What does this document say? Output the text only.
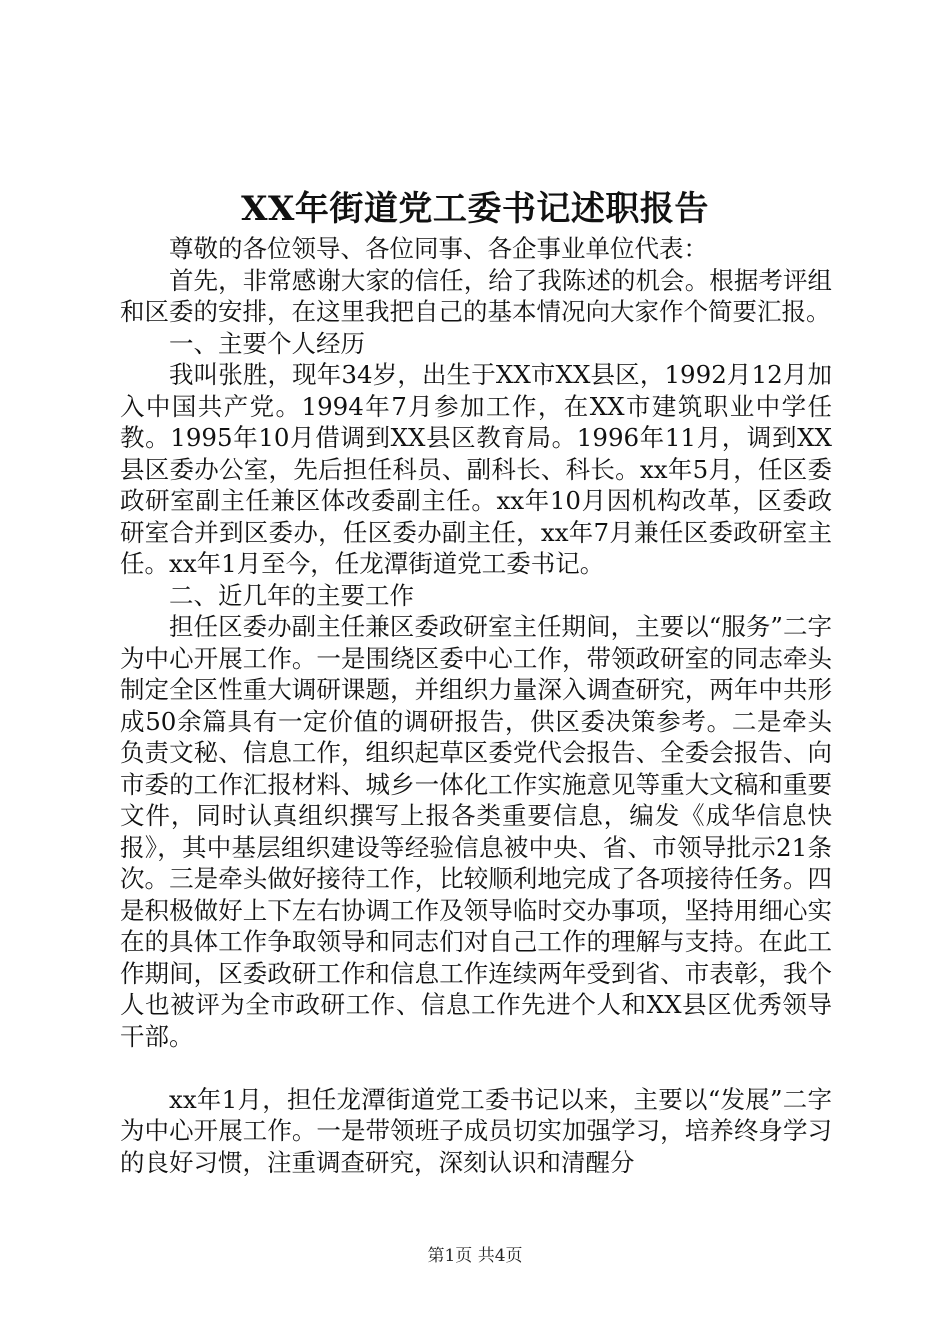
XX年街道党工委书记述职报告

尊敬的各位领导、各位同事、各企事业单位代表：

首先，非常感谢大家的信任，给了我陈述的机会。根据考评组和区委的安排，在这里我把自己的基本情况向大家作个简要汇报。

一、主要个人经历

我叫张胜，现年34岁，出生于XX市XX县区，1992月12月加入中国共产党。1994年7月参加工作，在XX市建筑职业中学任教。1995年10月借调到XX县区教育局。1996年11月，调到XX县区委办公室，先后担任科员、副科长、科长。xx年5月，任区委政研室副主任兼区体改委副主任。xx年10月因机构改革，区委政研室合并到区委办，任区委办副主任，xx年7月兼任区委政研室主任。xx年1月至今，任龙潭街道党工委书记。

二、近几年的主要工作

担任区委办副主任兼区委政研室主任期间，主要以“服务”二字为中心开展工作。一是围绕区委中心工作，带领政研室的同志牵头制定全区性重大调研课题，并组织力量深入调查研究，两年中共形成50余篇具有一定价值的调研报告，供区委决策参考。二是牵头负责文秘、信息工作，组织起草区委党代会报告、全委会报告、向市委的工作汇报材料、城乡一体化工作实施意见等重大文稿和重要文件，同时认真组织撰写上报各类重要信息，编发《成华信息快报》，其中基层组织建设等经验信息被中央、省、市领导批示21条次。三是牵头做好接待工作，比较顺利地完成了各项接待任务。四是积极做好上下左右协调工作及领导临时交办事项，坚持用细心实在的具体工作争取领导和同志们对自己工作的理解与支持。在此工作期间，区委政研工作和信息工作连续两年受到省、市表彰，我个人也被评为全市政研工作、信息工作先进个人和XX县区优秀领导干部。

xx年1月，担任龙潭街道党工委书记以来，主要以“发展”二字为中心开展工作。一是带领班子成员切实加强学习，培养终身学习的良好习惯，注重调查研究，深刻认识和清醒分

第1页 共4页
